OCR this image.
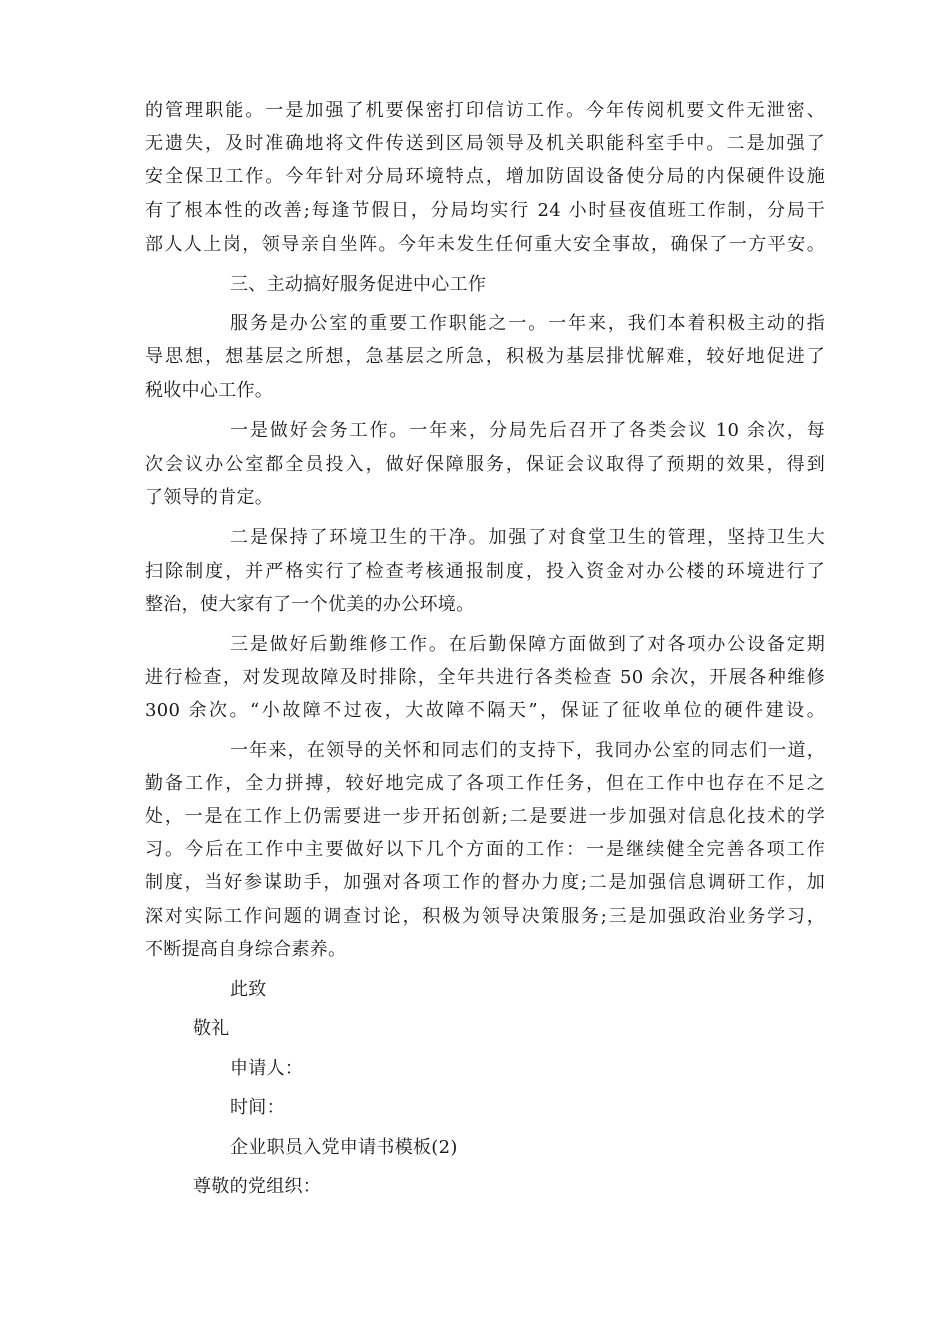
的管理职能。一是加强了机要保密打印信访工作。今年传阅机要文件无泄密、
无遗失，及时准确地将文件传送到区局领导及机关职能科室手中。二是加强了
安全保卫工作。今年针对分局环境特点，增加防固设备使分局的内保硬件设施
有了根本性的改善;每逢节假日，分局均实行 24 小时昼夜值班工作制，分局干
部人人上岗，领导亲自坐阵。今年未发生任何重大安全事故，确保了一方平安。
三、主动搞好服务促进中心工作
服务是办公室的重要工作职能之一。一年来，我们本着积极主动的指
导思想，想基层之所想，急基层之所急，积极为基层排忧解难，较好地促进了
税收中心工作。
一是做好会务工作。一年来，分局先后召开了各类会议 10 余次，每
次会议办公室都全员投入，做好保障服务，保证会议取得了预期的效果，得到
了领导的肯定。
二是保持了环境卫生的干净。加强了对食堂卫生的管理，坚持卫生大
扫除制度，并严格实行了检查考核通报制度，投入资金对办公楼的环境进行了
整治，使大家有了一个优美的办公环境。
三是做好后勤维修工作。在后勤保障方面做到了对各项办公设备定期
进行检查，对发现故障及时排除，全年共进行各类检查 50 余次，开展各种维修
300 余次。“小故障不过夜，大故障不隔天”，保证了征收单位的硬件建设。
一年来，在领导的关怀和同志们的支持下，我同办公室的同志们一道，
勤备工作，全力拼搏，较好地完成了各项工作任务，但在工作中也存在不足之
处，一是在工作上仍需要进一步开拓创新;二是要进一步加强对信息化技术的学
习。今后在工作中主要做好以下几个方面的工作：一是继续健全完善各项工作
制度，当好参谋助手，加强对各项工作的督办力度;二是加强信息调研工作，加
深对实际工作问题的调查讨论，积极为领导决策服务;三是加强政治业务学习，
不断提高自身综合素养。
此致
敬礼
申请人：
时间：
企业职员入党申请书模板(2)
尊敬的党组织：
